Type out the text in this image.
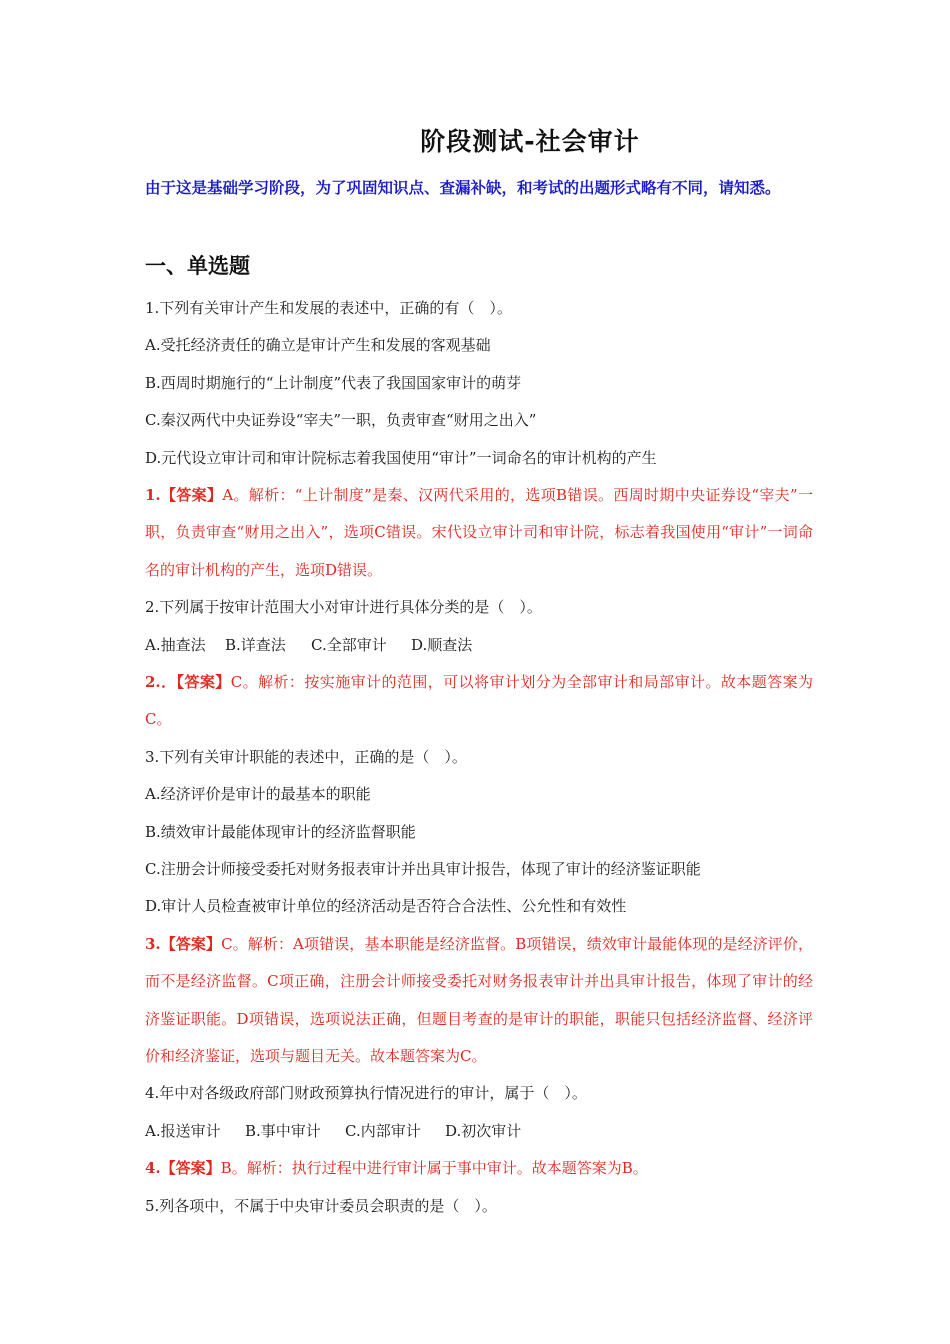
阶段测试-社会审计
由于这是基础学习阶段，为了巩固知识点、查漏补缺，和考试的出题形式略有不同，请知悉。
一、单选题
1.下列有关审计产生和发展的表述中，正确的有（　）。
A.受托经济责任的确立是审计产生和发展的客观基础
B.西周时期施行的“上计制度”代表了我国国家审计的萌芽
C.秦汉两代中央证券设“宰夫”一职，负责审查“财用之出入”
D.元代设立审计司和审计院标志着我国使用“审计”一词命名的审计机构的产生
1.【答案】A。解析：“上计制度”是秦、汉两代采用的，选项B错误。西周时期中央证券设“宰夫”一职，负责审查“财用之出入”，选项C错误。宋代设立审计司和审计院，标志着我国使用“审计”一词命名的审计机构的产生，选项D错误。
2.下列属于按审计范围大小对审计进行具体分类的是（　）。
A.抽查法 B.详查法 C.全部审计 D.顺查法
2.．【答案】C。解析：按实施审计的范围，可以将审计划分为全部审计和局部审计。故本题答案为C。
3.下列有关审计职能的表述中，正确的是（　）。
A.经济评价是审计的最基本的职能
B.绩效审计最能体现审计的经济监督职能
C.注册会计师接受委托对财务报表审计并出具审计报告，体现了审计的经济鉴证职能
D.审计人员检查被审计单位的经济活动是否符合合法性、公允性和有效性
3.【答案】C。解析：A项错误，基本职能是经济监督。B项错误，绩效审计最能体现的是经济评价，而不是经济监督。C项正确，注册会计师接受委托对财务报表审计并出具审计报告，体现了审计的经济鉴证职能。D项错误，选项说法正确，但题目考查的是审计的职能，职能只包括经济监督、经济评价和经济鉴证，选项与题目无关。故本题答案为C。
4.年中对各级政府部门财政预算执行情况进行的审计，属于（　）。
A.报送审计 B.事中审计 C.内部审计 D.初次审计
4.【答案】B。解析：执行过程中进行审计属于事中审计。故本题答案为B。
5.列各项中，不属于中央审计委员会职责的是（　）。
